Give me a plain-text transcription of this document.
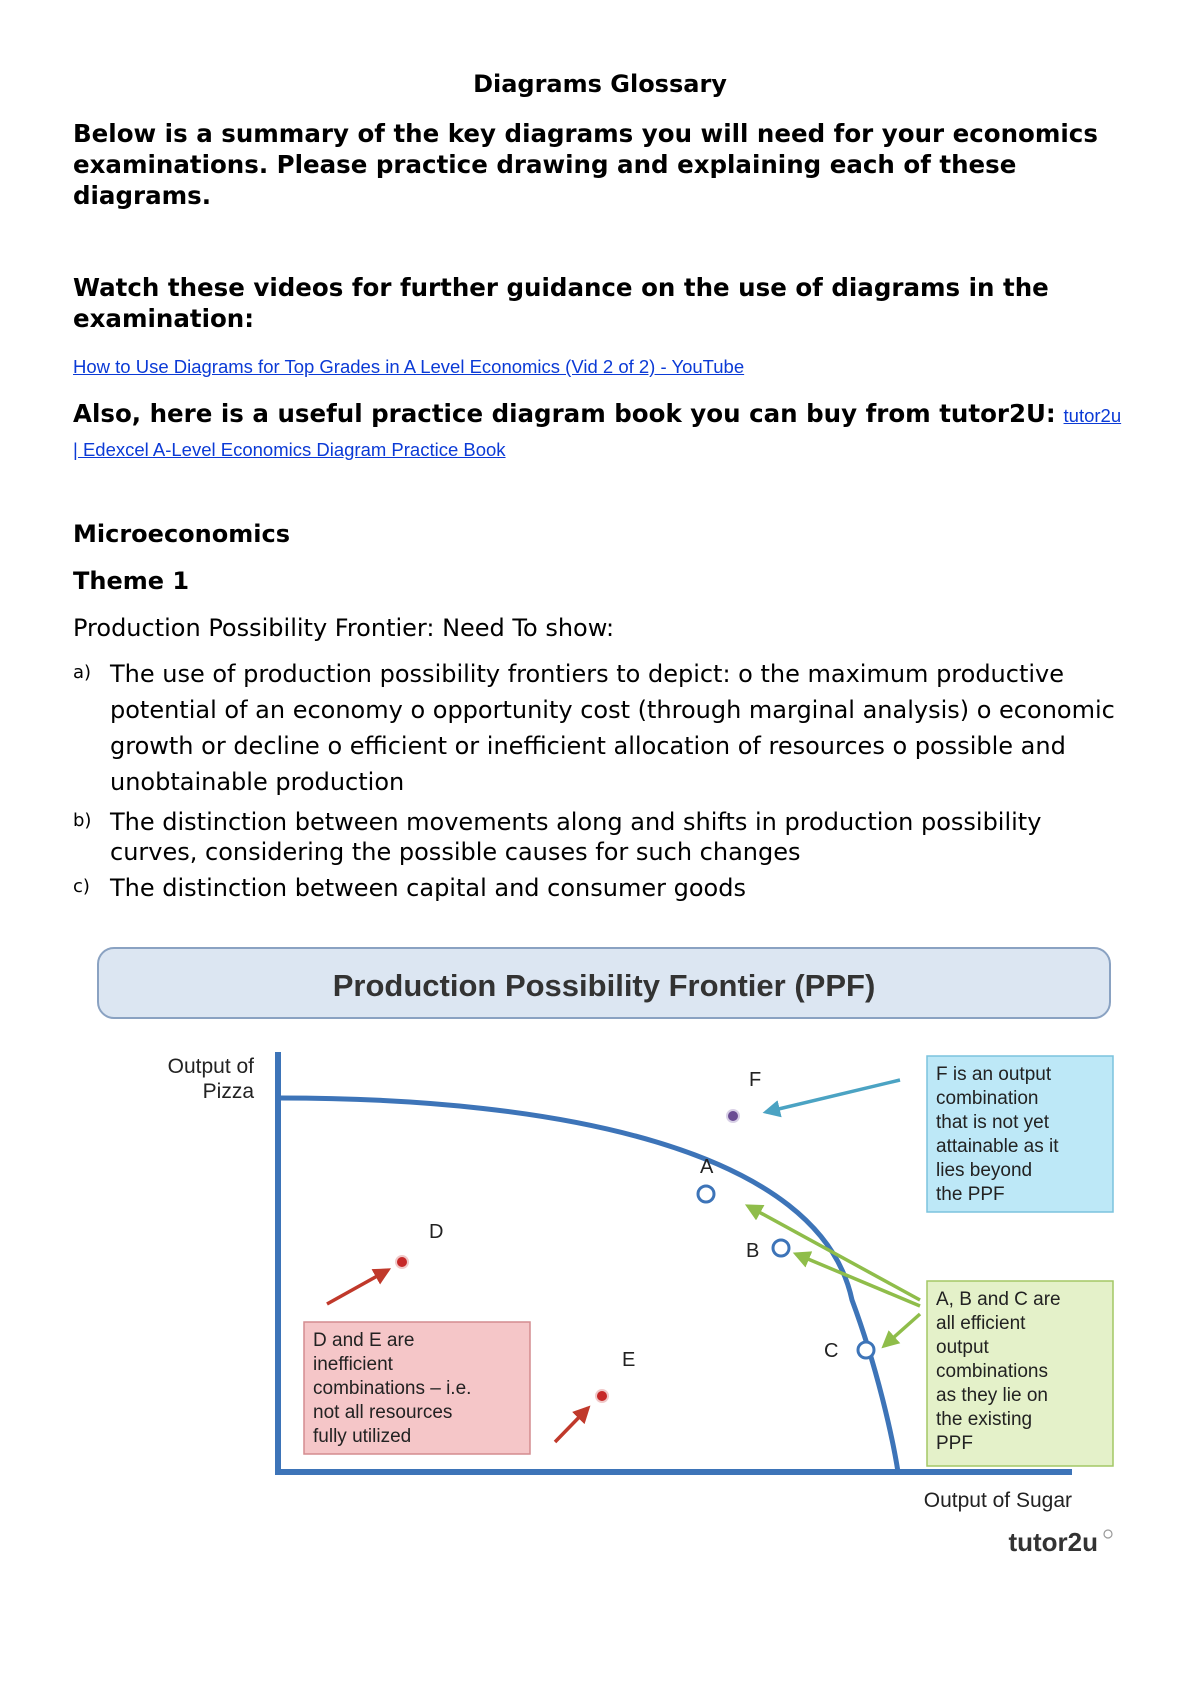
Diagrams Glossary

Below is a summary of the key diagrams you will need for your economics examinations. Please practice drawing and explaining each of these diagrams.

Watch these videos for further guidance on the use of diagrams in the examination:

How to Use Diagrams for Top Grades in A Level Economics (Vid 2 of 2) - YouTube
Also, here is a useful practice diagram book you can buy from tutor2U: tutor2u
| Edexcel A-Level Economics Diagram Practice Book
Microeconomics
Theme 1
Production Possibility Frontier: Need To show:
a) The use of production possibility frontiers to depict: o the maximum productive
potential of an economy o opportunity cost (through marginal analysis) o economic
growth or decline o efficient or inefficient allocation of resources o possible and
unobtainable production
b) The distinction between movements along and shifts in production possibility
curves, considering the possible causes for such changes
c) The distinction between capital and consumer goods
Production Possibility Frontier (PPF)
Output of
Pizza
Output of Sugar
A
B
C
D
E
F	F is an output combination that is not yet attainable as it lies beyond the PPF
A, B and C are all efficient output combinations as they lie on the existing PPF
D and E are inefficient combinations – i.e. not all resources fully utilized
tutor2u
